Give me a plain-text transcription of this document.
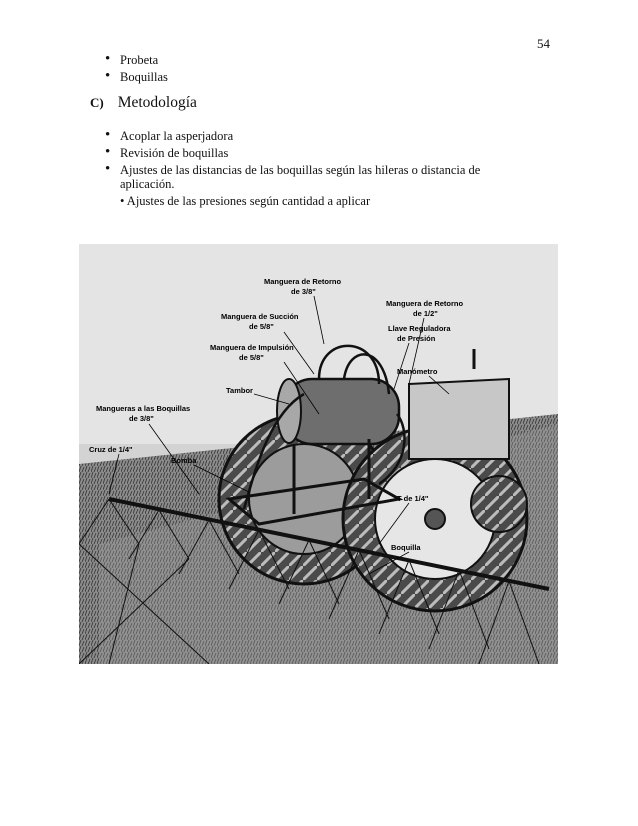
54
• Probeta
• Boquillas
C) Metodología
• Acoplar la asperjadora
• Revisión de boquillas
• Ajustes de las distancias de las boquillas según las hileras o distancia de
aplicación.
• Ajustes de las presiones según cantidad a aplicar
Manguera de Retorno
de 3/8"
Manguera de Retorno
de 1/2"
Manguera de Succión
de 5/8"	Llave Reguladora
de Presión
Manguera de Impulsión
de 5/8"
Manómetro
Tambor
Mangueras a las Boquillas
de 3/8"
Cruz de 1/4"
Bomba
T de 1/4"
Boquilla
